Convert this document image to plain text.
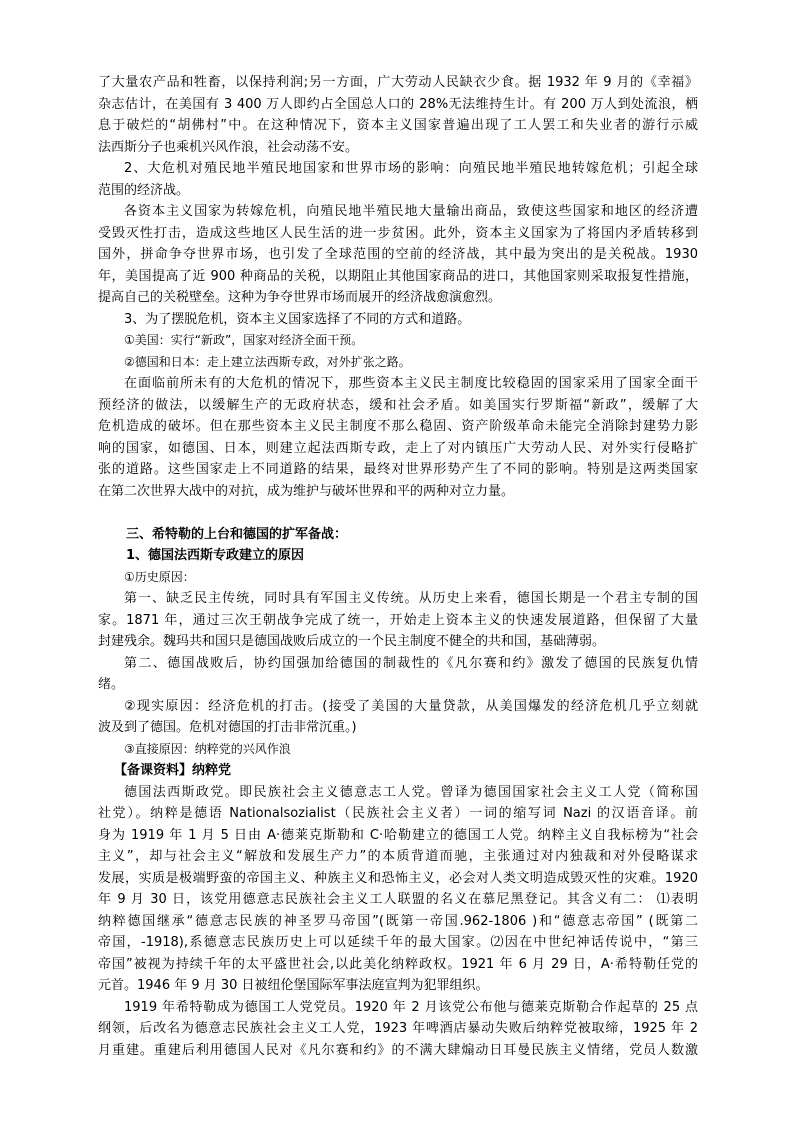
了大量农产品和牲畜，以保持利润;另一方面，广大劳动人民缺衣少食。据 1932 年 9 月的《幸福》
杂志估计，在美国有 3 400 万人即约占全国总人口的 28%无法维持生计。有 200 万人到处流浪，栖
息于破烂的“胡佛村”中。在这种情况下，资本主义国家普遍出现了工人罢工和失业者的游行示威
法西斯分子也乘机兴风作浪，社会动荡不安。
2、大危机对殖民地半殖民地国家和世界市场的影响：向殖民地半殖民地转嫁危机；引起全球
范围的经济战。
各资本主义国家为转嫁危机，向殖民地半殖民地大量输出商品，致使这些国家和地区的经济遭
受毁灭性打击，造成这些地区人民生活的进一步贫困。此外，资本主义国家为了将国内矛盾转移到
国外，拼命争夺世界市场，也引发了全球范围的空前的经济战，其中最为突出的是关税战。1930
年，美国提高了近 900 种商品的关税，以期阻止其他国家商品的进口，其他国家则采取报复性措施，
提高自己的关税壁垒。这种为争夺世界市场而展开的经济战愈演愈烈。
3、为了摆脱危机，资本主义国家选择了不同的方式和道路。
①美国：实行“新政”，国家对经济全面干预。
②德国和日本：走上建立法西斯专政，对外扩张之路。
在面临前所未有的大危机的情况下，那些资本主义民主制度比较稳固的国家采用了国家全面干
预经济的做法，以缓解生产的无政府状态，缓和社会矛盾。如美国实行罗斯福“新政”，缓解了大
危机造成的破坏。但在那些资本主义民主制度不那么稳固、资产阶级革命未能完全消除封建势力影
响的国家，如德国、日本，则建立起法西斯专政，走上了对内镇压广大劳动人民、对外实行侵略扩
张的道路。这些国家走上不同道路的结果，最终对世界形势产生了不同的影响。特别是这两类国家
在第二次世界大战中的对抗，成为维护与破坏世界和平的两种对立力量。
三、希特勒的上台和德国的扩军备战：
1、德国法西斯专政建立的原因
①历史原因：
第一、缺乏民主传统，同时具有军国主义传统。从历史上来看，德国长期是一个君主专制的国
家。1871 年，通过三次王朝战争完成了统一，开始走上资本主义的快速发展道路，但保留了大量
封建残余。魏玛共和国只是德国战败后成立的一个民主制度不健全的共和国，基础薄弱。
第二、德国战败后，协约国强加给德国的制裁性的《凡尔赛和约》激发了德国的民族复仇情
绪。
②现实原因：经济危机的打击。(接受了美国的大量贷款，从美国爆发的经济危机几乎立刻就
波及到了德国。危机对德国的打击非常沉重。)
③直接原因：纳粹党的兴风作浪
【备课资料】纳粹党
德国法西斯政党。即民族社会主义德意志工人党。曾译为德国国家社会主义工人党（简称国
社党）。纳粹是德语 Nationalsozialist（民族社会主义者）一词的缩写词 Nazi 的汉语音译。前
身为 1919 年 1 月 5 日由 A·德莱克斯勒和 C·哈勒建立的德国工人党。纳粹主义自我标榜为“社会
主义”，却与社会主义“解放和发展生产力”的本质背道而驰，主张通过对内独裁和对外侵略谋求
发展，实质是极端野蛮的帝国主义、种族主义和恐怖主义，必会对人类文明造成毁灭性的灾难。1920
年 9 月 30 日，该党用德意志民族社会主义工人联盟的名义在慕尼黑登记。其含义有二： ⑴表明
纳粹德国继承“德意志民族的神圣罗马帝国”(既第一帝国.962-1806 )和“德意志帝国” (既第二
帝国，-1918),系德意志民族历史上可以延续千年的最大国家。⑵因在中世纪神话传说中，“第三
帝国”被视为持续千年的太平盛世社会,以此美化纳粹政权。1921 年 6 月 29 日，A·希特勒任党的
元首。1946 年 9 月 30 日被纽伦堡国际军事法庭宣判为犯罪组织。
1919 年希特勒成为德国工人党党员。1920 年 2 月该党公布他与德莱克斯勒合作起草的 25 点
纲领，后改名为德意志民族社会主义工人党，1923 年啤酒店暴动失败后纳粹党被取缔，1925 年 2
月重建。重建后利用德国人民对《凡尔赛和约》的不满大肆煽动日耳曼民族主义情绪，党员人数激
